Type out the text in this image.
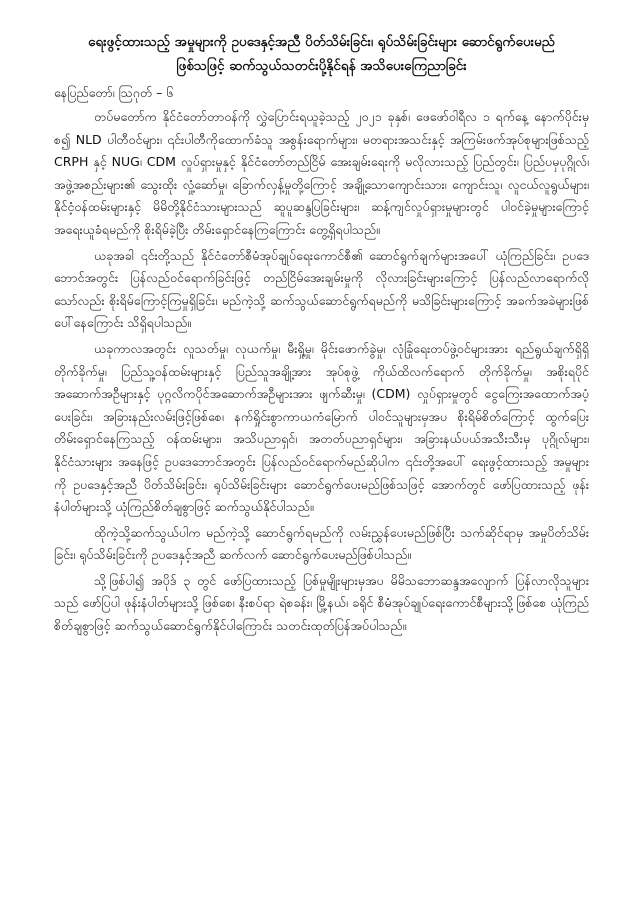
ရေးဖွင့်ထားသည့် အမှုများကို ဥပဒေနှင့်အညီ ပိတ်သိမ်းခြင်း၊ ရုပ်သိမ်းခြင်းများ ဆောင်ရွက်ပေးမည်
ဖြစ်သဖြင့် ဆက်သွယ်သတင်းပို့နိုင်ရန် အသိပေးကြေညာခြင်း
နေပြည်တော်၊ ဩဂုတ် – ၆
တပ်မတော်က နိုင်ငံတော်တာဝန်ကို လွှဲပြောင်းရယူခဲ့သည့် ၂၀၂၁ ခုနှစ်၊ ဖေဖော်ဝါရီလ ၁ ရက်နေ့ နောက်ပိုင်းမှစ၍ NLD ပါတီဝင်များ၊ ၎င်းပါတီကိုထောက်ခံသူ အစွန်းရောက်များ၊ မတရားအသင်းနှင့် အကြမ်းဖက်အုပ်စုများဖြစ်သည့် CRPH နှင့် NUG၊ CDM လှုပ်ရှားမှုနှင့် နိုင်ငံတော်တည်ငြိမ် အေးချမ်းရေးကို မလိုလားသည့် ပြည်တွင်း၊ ပြည်ပမှပုဂ္ဂိုလ်၊ အဖွဲ့အစည်းများ၏ သွေးထိုး လှုံ့ဆော်မှု၊ ခြောက်လှန့်မှုတို့ကြောင့် အချို့သောကျောင်းသား၊ ကျောင်းသူ၊ လူငယ်လူရွယ်များ၊ နိုင်ငံ့ဝန်ထမ်းများနှင့် မိမိတို့နိုင်ငံသားများသည် ဆူပူဆန္ဒပြခြင်းများ၊ ဆန့်ကျင်လှုပ်ရှားမှုများတွင် ပါဝင်ခဲ့မှုများကြောင့် အရေးယူခံရမည်ကို စိုးရိမ်ခဲ့ပြီး တိမ်းရှောင်နေကြကြောင်း တွေ့ရှိရပါသည်။
ယခုအခါ ၎င်းတို့သည် နိုင်ငံတော်စီမံအုပ်ချုပ်ရေးကောင်စီ၏ ဆောင်ရွက်ချက်များအပေါ် ယုံကြည်ခြင်း၊ ဥပဒေဘောင်အတွင်း ပြန်လည်ဝင်ရောက်ခြင်းဖြင့် တည်ငြိမ်အေးချမ်းမှုကို လိုလားခြင်းများကြောင့် ပြန်လည်လာရောက်လိုသော်လည်း စိုးရိမ်ကြောင့်ကြမှုရှိခြင်း၊ မည်ကဲ့သို့ ဆက်သွယ်ဆောင်ရွက်ရမည်ကို မသိခြင်းများကြောင့် အခက်အခဲများဖြစ်ပေါ်နေကြောင်း သိရှိရပါသည်။
ယခုကာလအတွင်း လူသတ်မှု၊ လုယက်မှု၊ မီးရှို့မှု၊ မိုင်းဖောက်ခွဲမှု၊ လုံခြုံရေးတပ်ဖွဲ့ဝင်များအား ရည်ရွယ်ချက်ရှိရှိ တိုက်ခိုက်မှု၊ ပြည်သူ့ဝန်ထမ်းများနှင့် ပြည်သူအချို့အား အုပ်စုဖွဲ့ ကိုယ်ထိလက်ရောက် တိုက်ခိုက်မှု၊ အစိုးရပိုင်အဆောက်အဦများနှင့် ပုဂ္ဂလိကပိုင်အဆောက်အဦများအား ဖျက်ဆီးမှု၊ (CDM) လှုပ်ရှားမှုတွင် ငွေကြေးအထောက်အပံ့ ပေးခြင်း၊ အခြားနည်းလမ်းဖြင့်ဖြစ်စေ၊ နက်ရှိုင်းစွာကာယကံမြောက် ပါဝင်သူများမှအပ စိုးရိမ်စိတ်ကြောင့် ထွက်ပြေးတိမ်းရှောင်နေကြသည့် ဝန်ထမ်းများ၊ အသိပညာရှင်၊ အတတ်ပညာရှင်များ၊ အခြားနယ်ပယ်အသီးသီးမှ ပုဂ္ဂိုလ်များ၊ နိုင်ငံသားများ အနေဖြင့် ဥပဒေဘောင်အတွင်း ပြန်လည်ဝင်ရောက်မည်ဆိုပါက ၎င်းတို့အပေါ် ရေးဖွင့်ထားသည့် အမှုများကို ဥပဒေနှင့်အညီ ပိတ်သိမ်းခြင်း၊ ရုပ်သိမ်းခြင်းများ ဆောင်ရွက်ပေးမည်ဖြစ်သဖြင့် အောက်တွင် ဖော်ပြထားသည့် ဖုန်းနံပါတ်များသို့ ယုံကြည်စိတ်ချစွာဖြင့် ဆက်သွယ်နိုင်ပါသည်။
ထိုကဲ့သို့ဆက်သွယ်ပါက မည်ကဲ့သို့ ဆောင်ရွက်ရမည်ကို လမ်းညွှန်ပေးမည်ဖြစ်ပြီး သက်ဆိုင်ရာမှ အမှုပိတ်သိမ်းခြင်း၊ ရုပ်သိမ်းခြင်းကို ဥပဒေနှင့်အညီ ဆက်လက် ဆောင်ရွက်ပေးမည်ဖြစ်ပါသည်။
သို့ဖြစ်ပါ၍ အပိုဒ် ၃ တွင် ဖော်ပြထားသည့် ပြစ်မှုမျိုးများမှအပ မိမိသဘောဆန္ဒအလျောက် ပြန်လာလိုသူများသည် ဖော်ပြပါ ဖုန်းနံပါတ်များသို့ ဖြစ်စေ၊ နီးစပ်ရာ ရဲစခန်း၊ မြို့နယ်၊ ခရိုင် စီမံအုပ်ချုပ်ရေးကောင်စီများသို့ဖြစ်စေ ယုံကြည်စိတ်ချစွာဖြင့် ဆက်သွယ်ဆောင်ရွက်နိုင်ပါကြောင်း သတင်းထုတ်ပြန်အပ်ပါသည်။
